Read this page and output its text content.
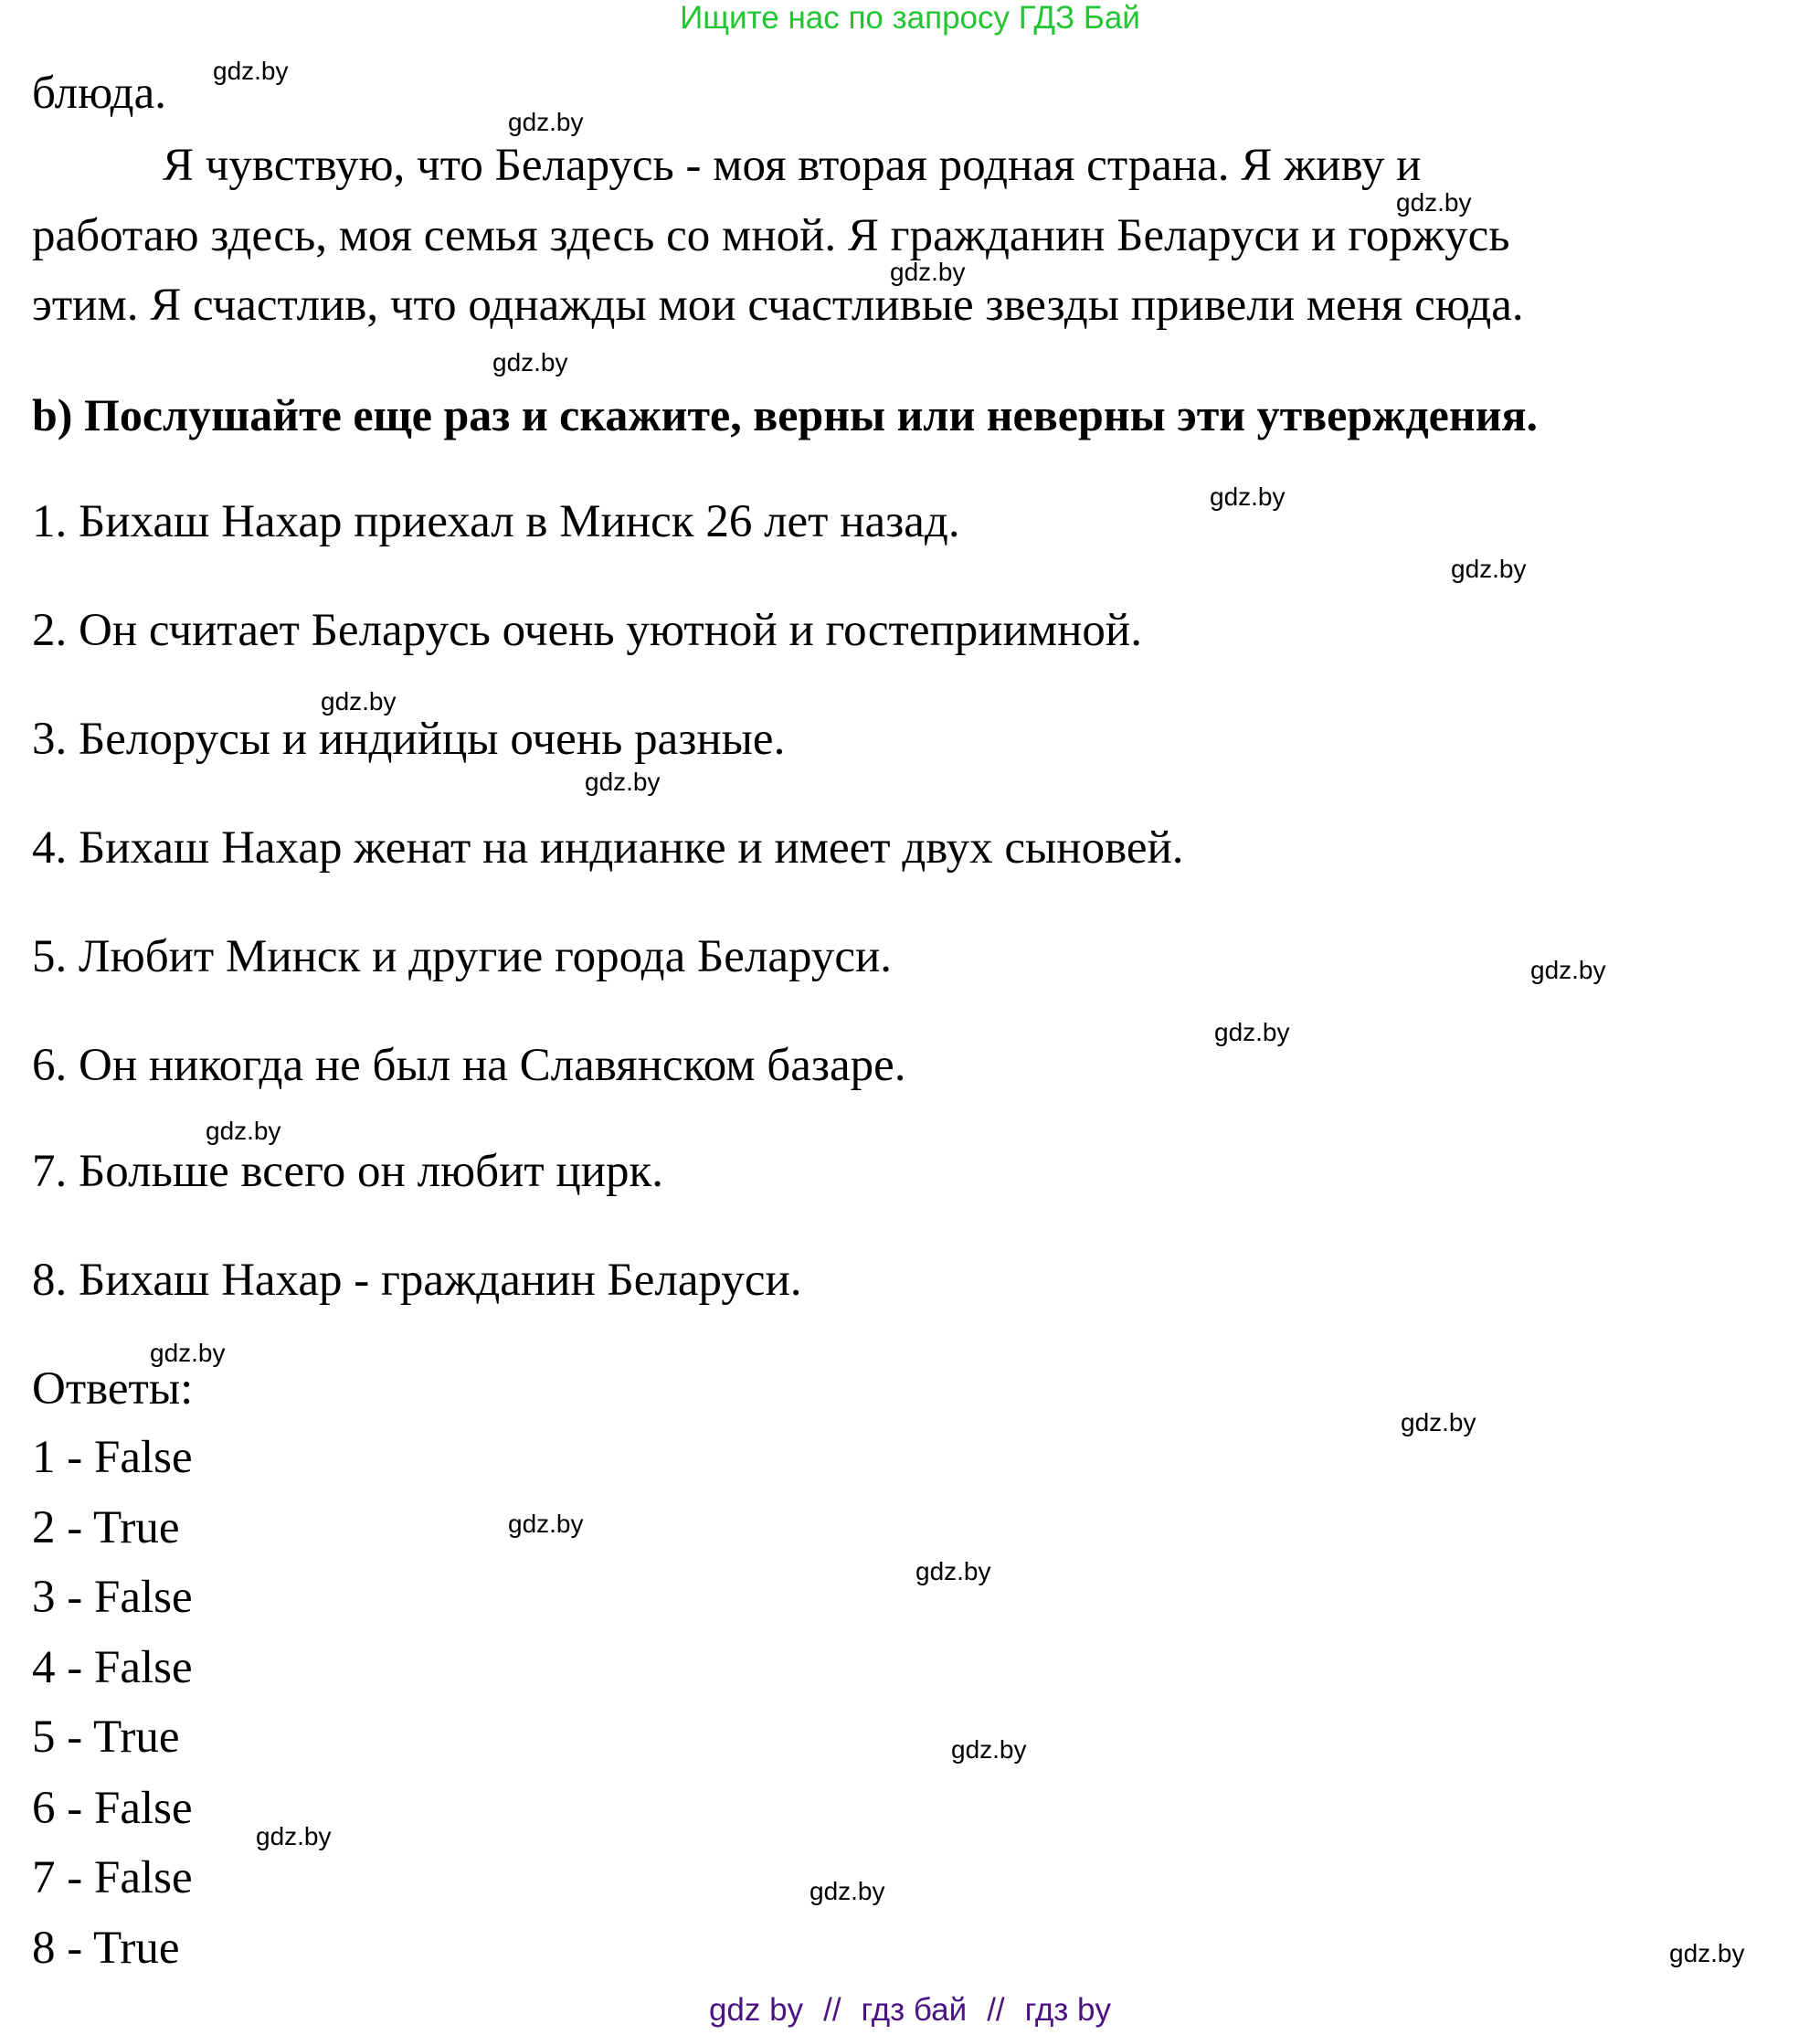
Ищите нас по запросу ГДЗ Бай
блюда.
Я чувствую, что Беларусь - моя вторая родная страна. Я живу и
работаю здесь, моя семья здесь со мной. Я гражданин Беларуси и горжусь
этим. Я счастлив, что однажды мои счастливые звезды привели меня сюда.
b) Послушайте еще раз и скажите, верны или неверны эти утверждения.
1. Бихаш Нахар приехал в Минск 26 лет назад.
2. Он считает Беларусь очень уютной и гостеприимной.
3. Белорусы и индийцы очень разные.
4. Бихаш Нахар женат на индианке и имеет двух сыновей.
5. Любит Минск и другие города Беларуси.
6. Он никогда не был на Славянском базаре.
7. Больше всего он любит цирк.
8. Бихаш Нахар - гражданин Беларуси.
Ответы:
1 - False
2 - True
3 - False
4 - False
5 - True
6 - False
7 - False
8 - True
gdz.by
gdz.by
gdz.by
gdz.by
gdz.by
gdz.by
gdz.by
gdz.by
gdz.by
gdz.by
gdz.by
gdz.by
gdz.by
gdz.by
gdz.by
gdz.by
gdz.by
gdz.by
gdz.by
gdz.by
gdz by // гдз бай // гдз by
